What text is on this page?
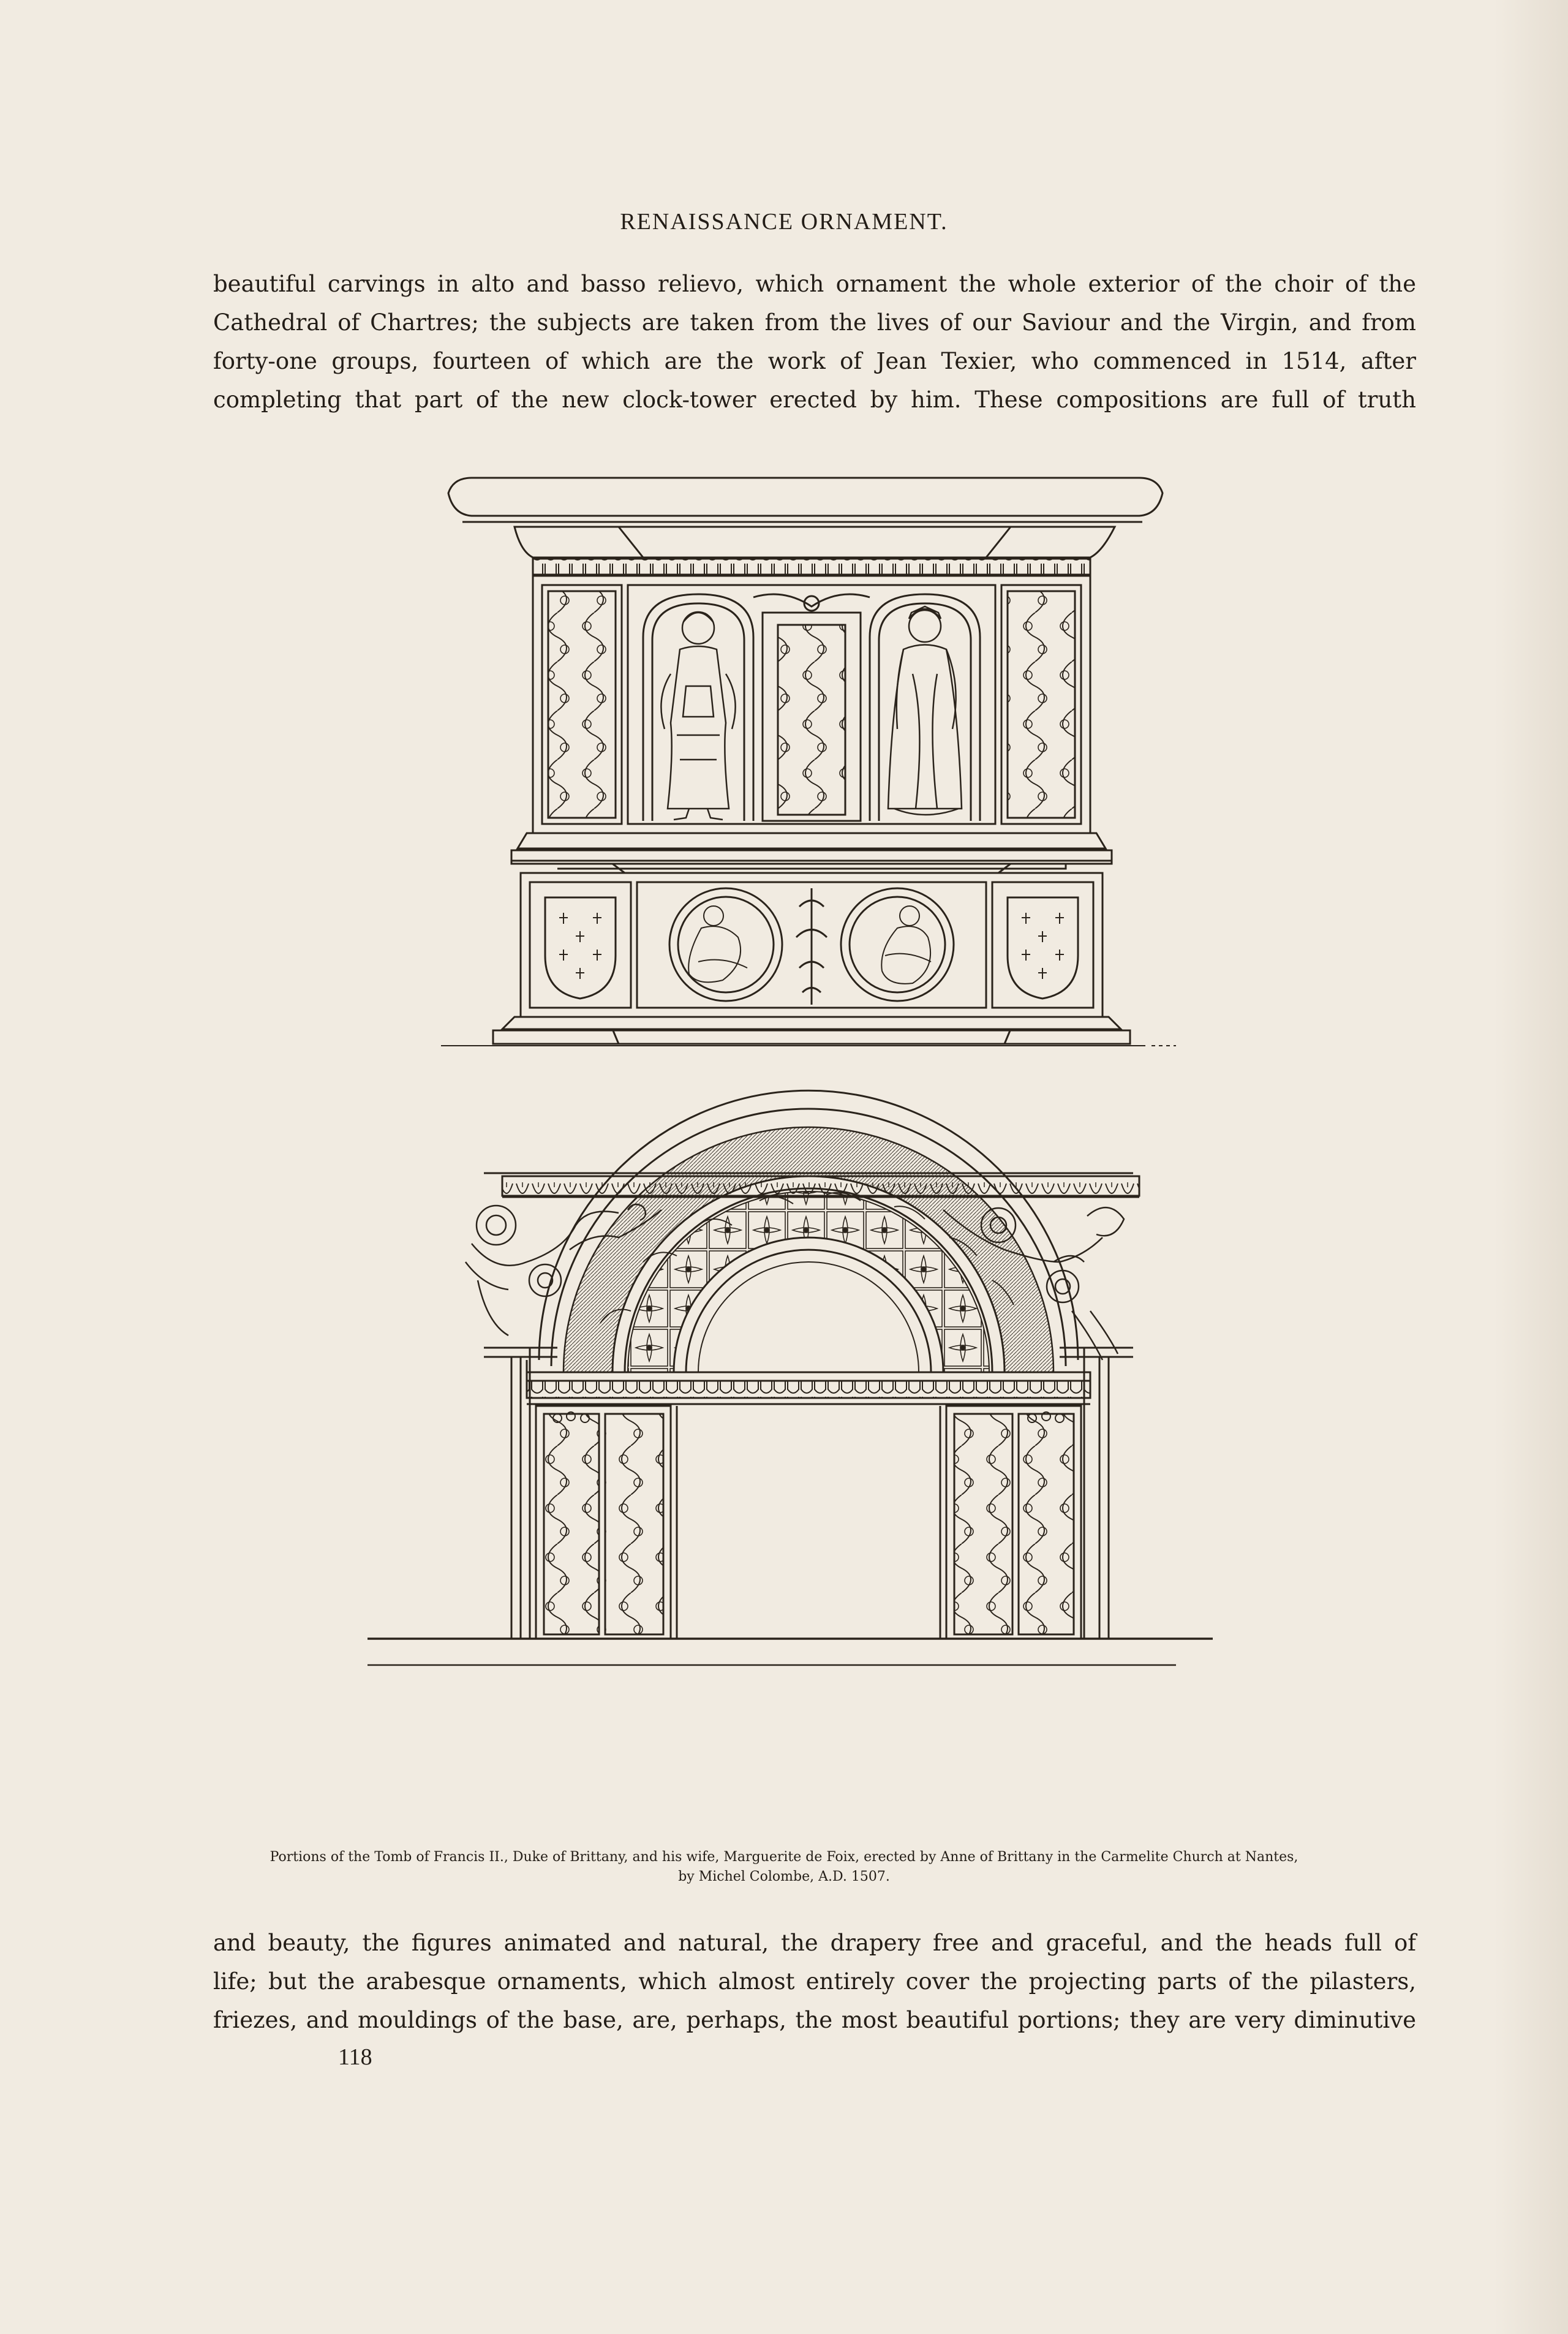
RENAISSANCE ORNAMENT.
beautiful carvings in alto and basso relievo, which ornament the whole exterior of the choir of the
Cathedral of Chartres; the subjects are taken from the lives of our Saviour and the Virgin, and from
forty-one groups, fourteen of which are the work of Jean Texier, who commenced in 1514, after
completing that part of the new clock-tower erected by him. These compositions are full of truth
Portions of the Tomb of Francis II., Duke of Brittany, and his wife, Marguerite de Foix, erected by Anne of Brittany in the Carmelite Church at Nantes,
by Michel Colombe, A.D. 1507.
and beauty, the figures animated and natural, the drapery free and graceful, and the heads full of
life; but the arabesque ornaments, which almost entirely cover the projecting parts of the pilasters,
friezes, and mouldings of the base, are, perhaps, the most beautiful portions; they are very diminutive
118
